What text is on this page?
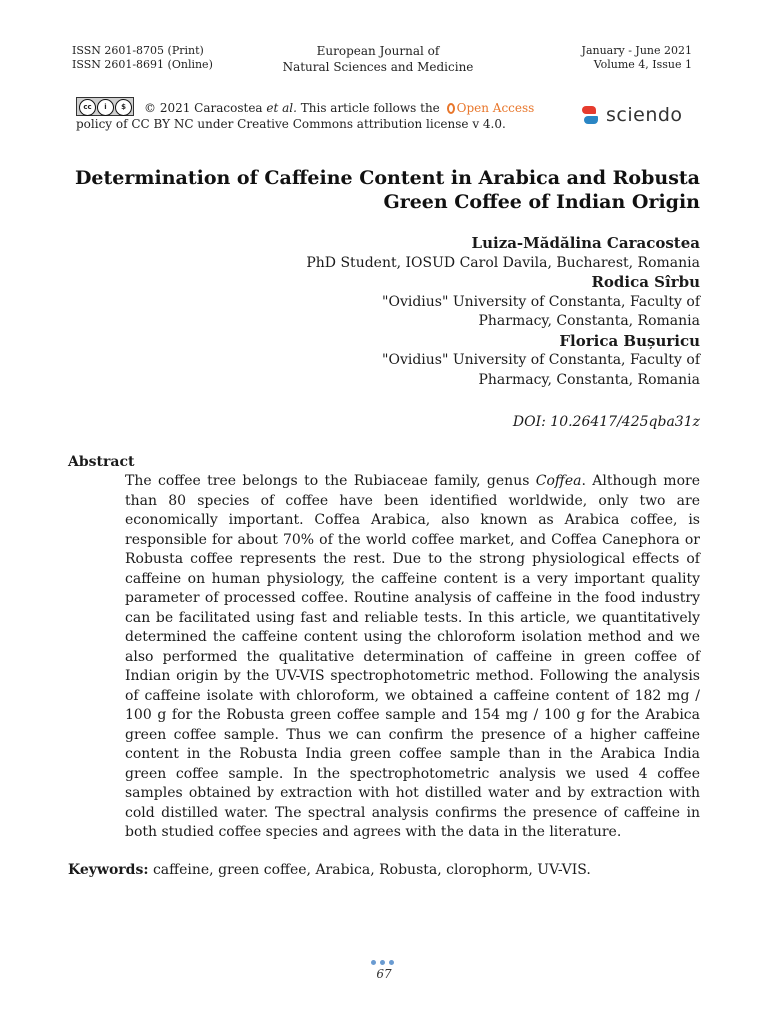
ISSN 2601-8705 (Print)
ISSN 2601-8691 (Online)
European Journal of
Natural Sciences and Medicine
January - June 2021
Volume 4, Issue 1
cc	i	$	© 2021 Caracostea et al. This article follows the Open Access
policy of CC BY NC under Creative Commons attribution license v 4.0.	sciendo
Determination of Caffeine Content in Arabica and Robusta
Green Coffee of Indian Origin
Luiza-Mădălina Caracostea
PhD Student, IOSUD Carol Davila, Bucharest, Romania
Rodica Sîrbu
"Ovidius" University of Constanta, Faculty of
Pharmacy, Constanta, Romania
Florica Bușuricu
"Ovidius" University of Constanta, Faculty of
Pharmacy, Constanta, Romania
DOI: 10.26417/425qba31z
Abstract
The coffee tree belongs to the Rubiaceae family, genus Coffea. Although more than 80 species of coffee have been identified worldwide, only two are economically important. Coffea Arabica, also known as Arabica coffee, is responsible for about 70% of the world coffee market, and Coffea Canephora or Robusta coffee represents the rest. Due to the strong physiological effects of caffeine on human physiology, the caffeine content is a very important quality parameter of processed coffee. Routine analysis of caffeine in the food industry can be facilitated using fast and reliable tests. In this article, we quantitatively determined the caffeine content using the chloroform isolation method and we also performed the qualitative determination of caffeine in green coffee of Indian origin by the UV-VIS spectrophotometric method. Following the analysis of caffeine isolate with chloroform, we obtained a caffeine content of 182 mg / 100 g for the Robusta green coffee sample and 154 mg / 100 g for the Arabica green coffee sample. Thus we can confirm the presence of a higher caffeine content in the Robusta India green coffee sample than in the Arabica India green coffee sample. In the spectrophotometric analysis we used 4 coffee samples obtained by extraction with hot distilled water and by extraction with cold distilled water. The spectral analysis confirms the presence of caffeine in both studied coffee species and agrees with the data in the literature.
Keywords: caffeine, green coffee, Arabica, Robusta, clorophorm, UV-VIS.
67
